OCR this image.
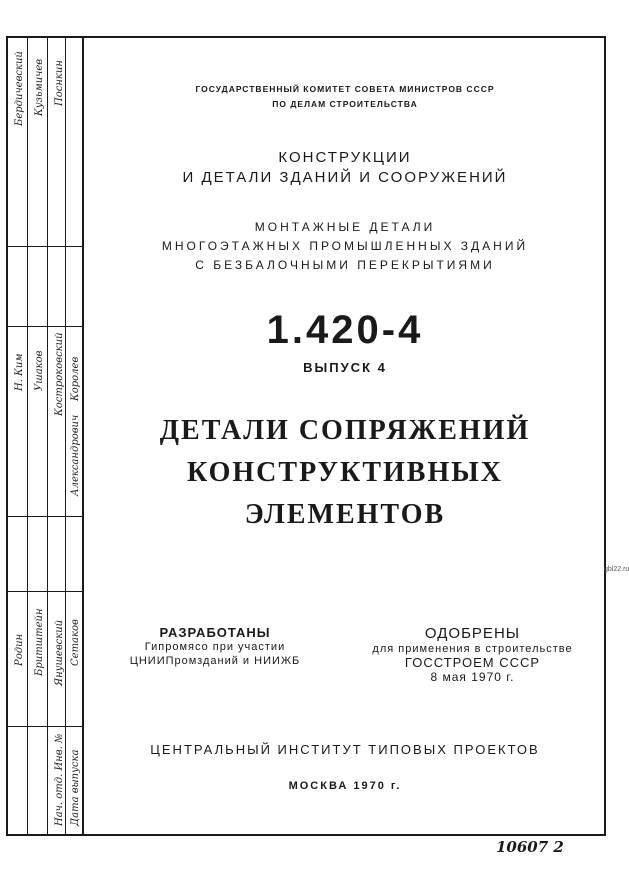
Бердичевский Кузьмичев Поснкин
Н. Ким Ушаков Костроковский Королев
Александрович
Родин Бритштейн Янушевский Сетаков
Нач. отд. Инв. № Дата выпуска
ГОСУДАРСТВЕННЫЙ КОМИТЕТ СОВЕТА МИНИСТРОВ СССР
ПО ДЕЛАМ СТРОИТЕЛЬСТВА
КОНСТРУКЦИИ
И ДЕТАЛИ ЗДАНИЙ И СООРУЖЕНИЙ
МОНТАЖНЫЕ ДЕТАЛИ
МНОГОЭТАЖНЫХ ПРОМЫШЛЕННЫХ ЗДАНИЙ
С БЕЗБАЛОЧНЫМИ ПЕРЕКРЫТИЯМИ
1.420-4
ВЫПУСК 4
ДЕТАЛИ СОПРЯЖЕНИЙ
КОНСТРУКТИВНЫХ ЭЛЕМЕНТОВ
РАЗРАБОТАНЫ
Гипромясо при участии
ЦНИИПромзданий и НИИЖБ
ОДОБРЕНЫ
для применения в строительстве
ГОССТРОЕМ СССР
8 мая 1970 г.
ЦЕНТРАЛЬНЫЙ ИНСТИТУТ ТИПОВЫХ ПРОЕКТОВ
МОСКВА 1970 г.
gbl22.ru
10607 2
